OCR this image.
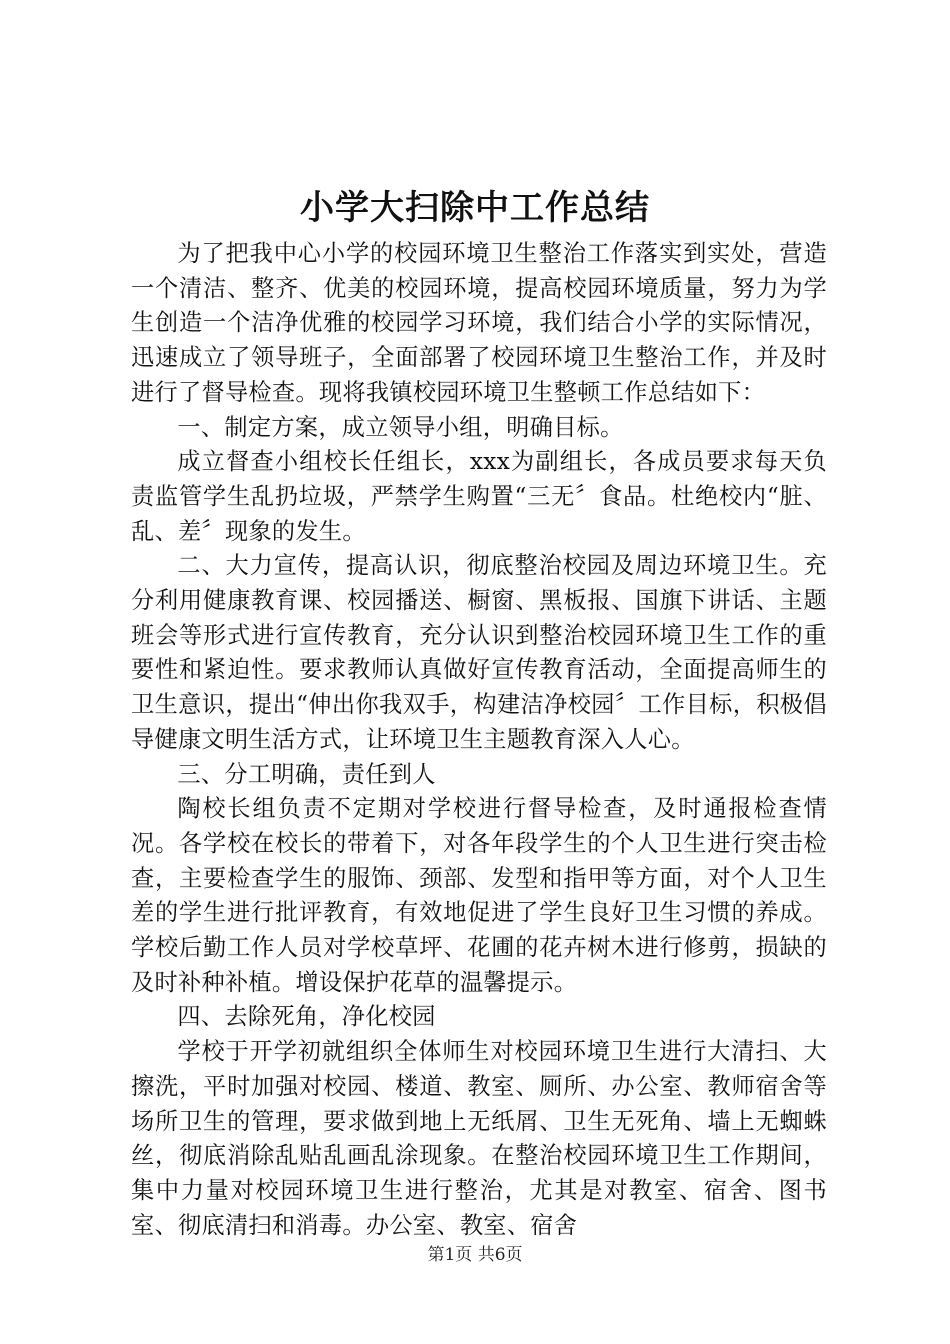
小学大扫除中工作总结

为了把我中心小学的校园环境卫生整治工作落实到实处，营造一个清洁、整齐、优美的校园环境，提高校园环境质量，努力为学生创造一个洁净优雅的校园学习环境，我们结合小学的实际情况，迅速成立了领导班子，全面部署了校园环境卫生整治工作，并及时进行了督导检查。现将我镇校园环境卫生整顿工作总结如下：

一、制定方案，成立领导小组，明确目标。

成立督查小组校长任组长，xxx为副组长，各成员要求每天负责监管学生乱扔垃圾，严禁学生购置“三无〞食品。杜绝校内“脏、乱、差〞现象的发生。

二、大力宣传，提高认识，彻底整治校园及周边环境卫生。充分利用健康教育课、校园播送、橱窗、黑板报、国旗下讲话、主题班会等形式进行宣传教育，充分认识到整治校园环境卫生工作的重要性和紧迫性。要求教师认真做好宣传教育活动，全面提高师生的卫生意识，提出“伸出你我双手，构建洁净校园〞工作目标，积极倡导健康文明生活方式，让环境卫生主题教育深入人心。

三、分工明确，责任到人

陶校长组负责不定期对学校进行督导检查，及时通报检查情况。各学校在校长的带着下，对各年段学生的个人卫生进行突击检查，主要检查学生的服饰、颈部、发型和指甲等方面，对个人卫生差的学生进行批评教育，有效地促进了学生良好卫生习惯的养成。学校后勤工作人员对学校草坪、花圃的花卉树木进行修剪，损缺的及时补种补植。增设保护花草的温馨提示。

四、去除死角，净化校园

学校于开学初就组织全体师生对校园环境卫生进行大清扫、大擦洗，平时加强对校园、楼道、教室、厕所、办公室、教师宿舍等场所卫生的管理，要求做到地上无纸屑、卫生无死角、墙上无蜘蛛丝，彻底消除乱贴乱画乱涂现象。在整治校园环境卫生工作期间，集中力量对校园环境卫生进行整治，尤其是对教室、宿舍、图书室、彻底清扫和消毒。办公室、教室、宿舍

第1页 共6页
